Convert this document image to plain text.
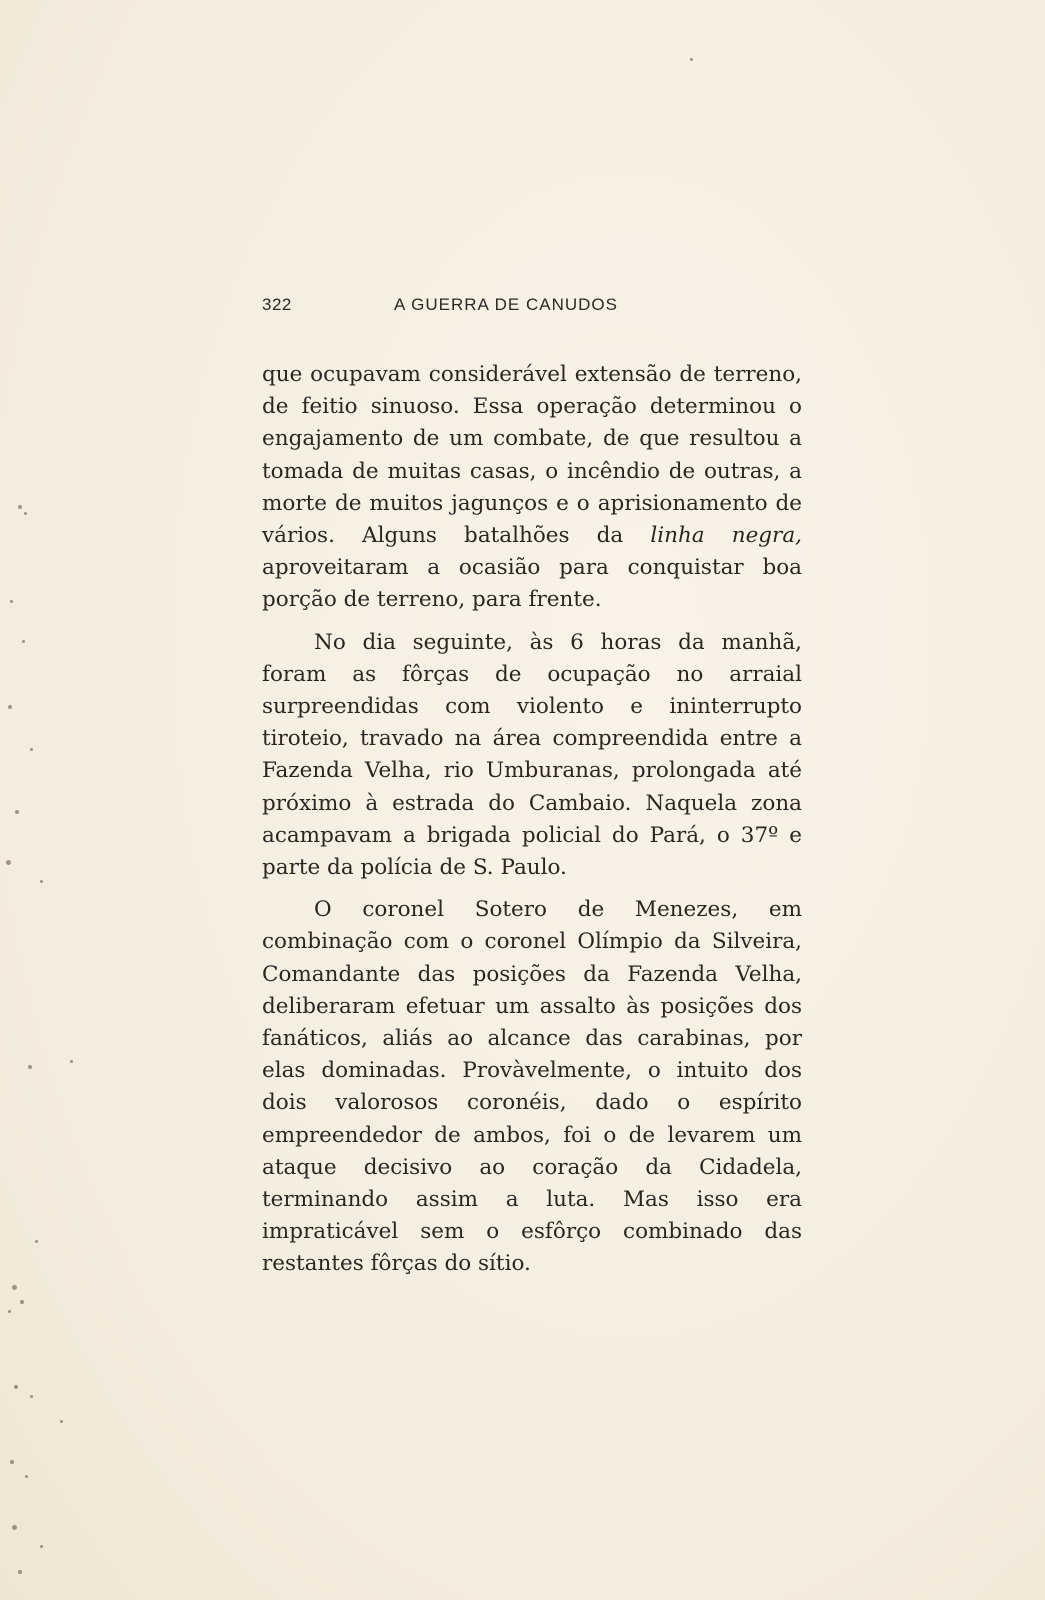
322	A GUERRA DE CANUDOS

que ocupavam considerável extensão de terreno, de feitio sinuoso. Essa operação determinou o engajamento de um combate, de que resultou a tomada de muitas casas, o incêndio de outras, a morte de muitos jagunços e o aprisionamento de vários. Alguns batalhões da linha negra, aproveitaram a ocasião para conquistar boa porção de terreno, para frente.

No dia seguinte, às 6 horas da manhã, foram as fôrças de ocupação no arraial surpreendidas com violento e ininterrupto tiroteio, travado na área compreendida entre a Fazenda Velha, rio Umburanas, prolongada até próximo à estrada do Cambaio. Naquela zona acampavam a brigada policial do Pará, o 37º e parte da polícia de S. Paulo.

O coronel Sotero de Menezes, em combinação com o coronel Olímpio da Silveira, Comandante das posições da Fazenda Velha, deliberaram efetuar um assalto às posições dos fanáticos, aliás ao alcance das carabinas, por elas dominadas. Provàvelmente, o intuito dos dois valorosos coronéis, dado o espírito empreendedor de ambos, foi o de levarem um ataque decisivo ao coração da Cidadela, terminando assim a luta. Mas isso era impraticável sem o esfôrço combinado das restantes fôrças do sítio.
